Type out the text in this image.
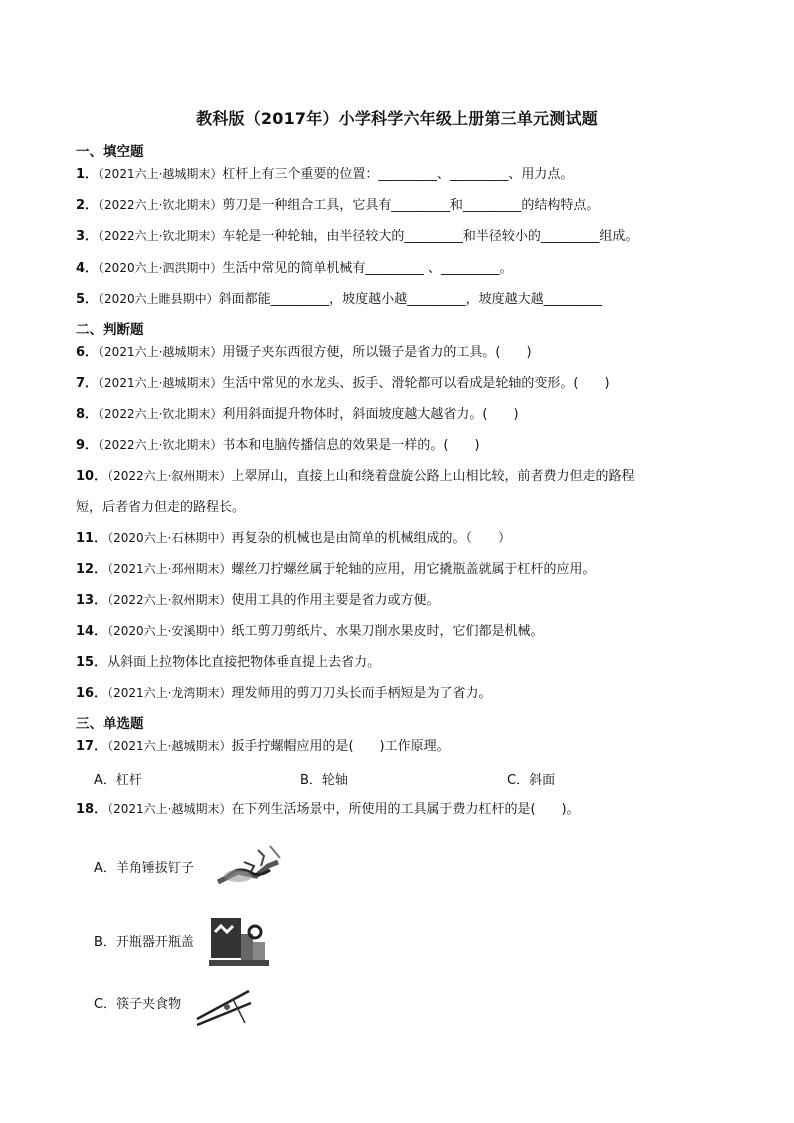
教科版（2017年）小学科学六年级上册第三单元测试题
一、填空题
1．（2021六上·越城期末）杠杆上有三个重要的位置：_________、_________、用力点。
2．（2022六上·钦北期末）剪刀是一种组合工具，它具有_________和_________的结构特点。
3．（2022六上·钦北期末）车轮是一种轮轴，由半径较大的_________和半径较小的_________组成。
4．（2020六上·泗洪期中）生活中常见的简单机械有_________ 、_________。
5．（2020六上睢县期中）斜面都能_________，坡度越小越_________，坡度越大越_________
二、判断题
6．（2021六上·越城期末）用镊子夹东西很方便，所以镊子是省力的工具。(　　)
7．（2021六上·越城期末）生活中常见的水龙头、扳手、滑轮都可以看成是轮轴的变形。(　　)
8．（2022六上·钦北期末）利用斜面提升物体时，斜面坡度越大越省力。(　　)
9．（2022六上·钦北期末）书本和电脑传播信息的效果是一样的。(　　)
10．（2022六上·叙州期末）上翠屏山，直接上山和绕着盘旋公路上山相比较，前者费力但走的路程
短，后者省力但走的路程长。
11．（2020六上·石林期中）再复杂的机械也是由简单的机械组成的。（　　）
12．（2021六上·邳州期末）螺丝刀拧螺丝属于轮轴的应用，用它撬瓶盖就属于杠杆的应用。
13．（2022六上·叙州期末）使用工具的作用主要是省力或方便。
14．（2020六上·安溪期中）纸工剪刀剪纸片、水果刀削水果皮时，它们都是机械。
15．从斜面上拉物体比直接把物体垂直提上去省力。
16．（2021六上·龙湾期末）理发师用的剪刀刀头长而手柄短是为了省力。
三、单选题
17．（2021六上·越城期末）扳手拧螺帽应用的是(　　)工作原理。
A．杠杆	B．轮轴	C．斜面
18．（2021六上·越城期末）在下列生活场景中，所使用的工具属于费力杠杆的是(　　)。
A．羊角锤拔钉子
B．开瓶器开瓶盖
C．筷子夹食物
